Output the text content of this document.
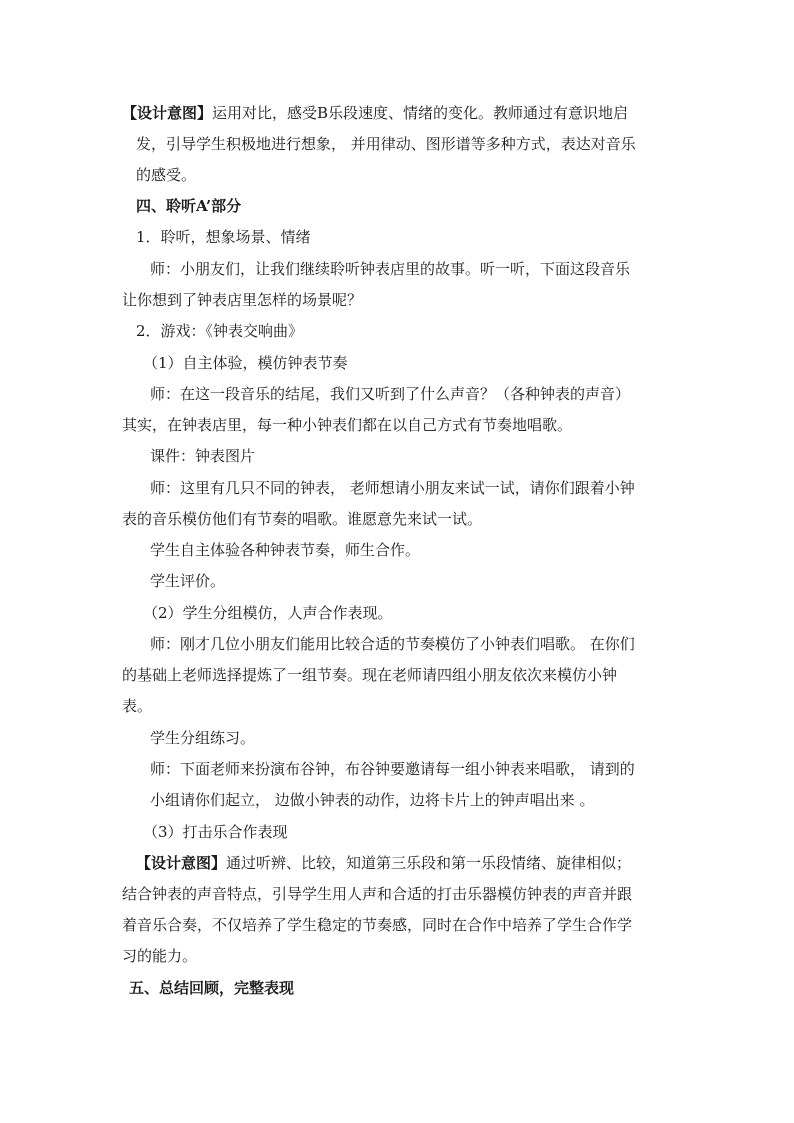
【设计意图】运用对比，感受B乐段速度、情绪的变化。教师通过有意识地启
发，引导学生积极地进行想象， 并用律动、图形谱等多种方式，表达对音乐
的感受。
四、聆听A’部分
1．聆听，想象场景、情绪
师：小朋友们，让我们继续聆听钟表店里的故事。听一听，下面这段音乐
让你想到了钟表店里怎样的场景呢？
2．游戏：《钟表交响曲》
（1）自主体验，模仿钟表节奏
师：在这一段音乐的结尾，我们又听到了什么声音？（各种钟表的声音）
其实，在钟表店里，每一种小钟表们都在以自己方式有节奏地唱歌。
课件：钟表图片
师：这里有几只不同的钟表， 老师想请小朋友来试一试，请你们跟着小钟
表的音乐模仿他们有节奏的唱歌。谁愿意先来试一试。
学生自主体验各种钟表节奏，师生合作。
学生评价。
（2）学生分组模仿，人声合作表现。
师：刚才几位小朋友们能用比较合适的节奏模仿了小钟表们唱歌。 在你们
的基础上老师选择提炼了一组节奏。现在老师请四组小朋友依次来模仿小钟
表。
学生分组练习。
师：下面老师来扮演布谷钟，布谷钟要邀请每一组小钟表来唱歌， 请到的
小组请你们起立， 边做小钟表的动作，边将卡片上的钟声唱出来 。
（3）打击乐合作表现
【设计意图】通过听辨、比较，知道第三乐段和第一乐段情绪、旋律相似；
结合钟表的声音特点，引导学生用人声和合适的打击乐器模仿钟表的声音并跟
着音乐合奏，不仅培养了学生稳定的节奏感，同时在合作中培养了学生合作学
习的能力。
五、总结回顾，完整表现
